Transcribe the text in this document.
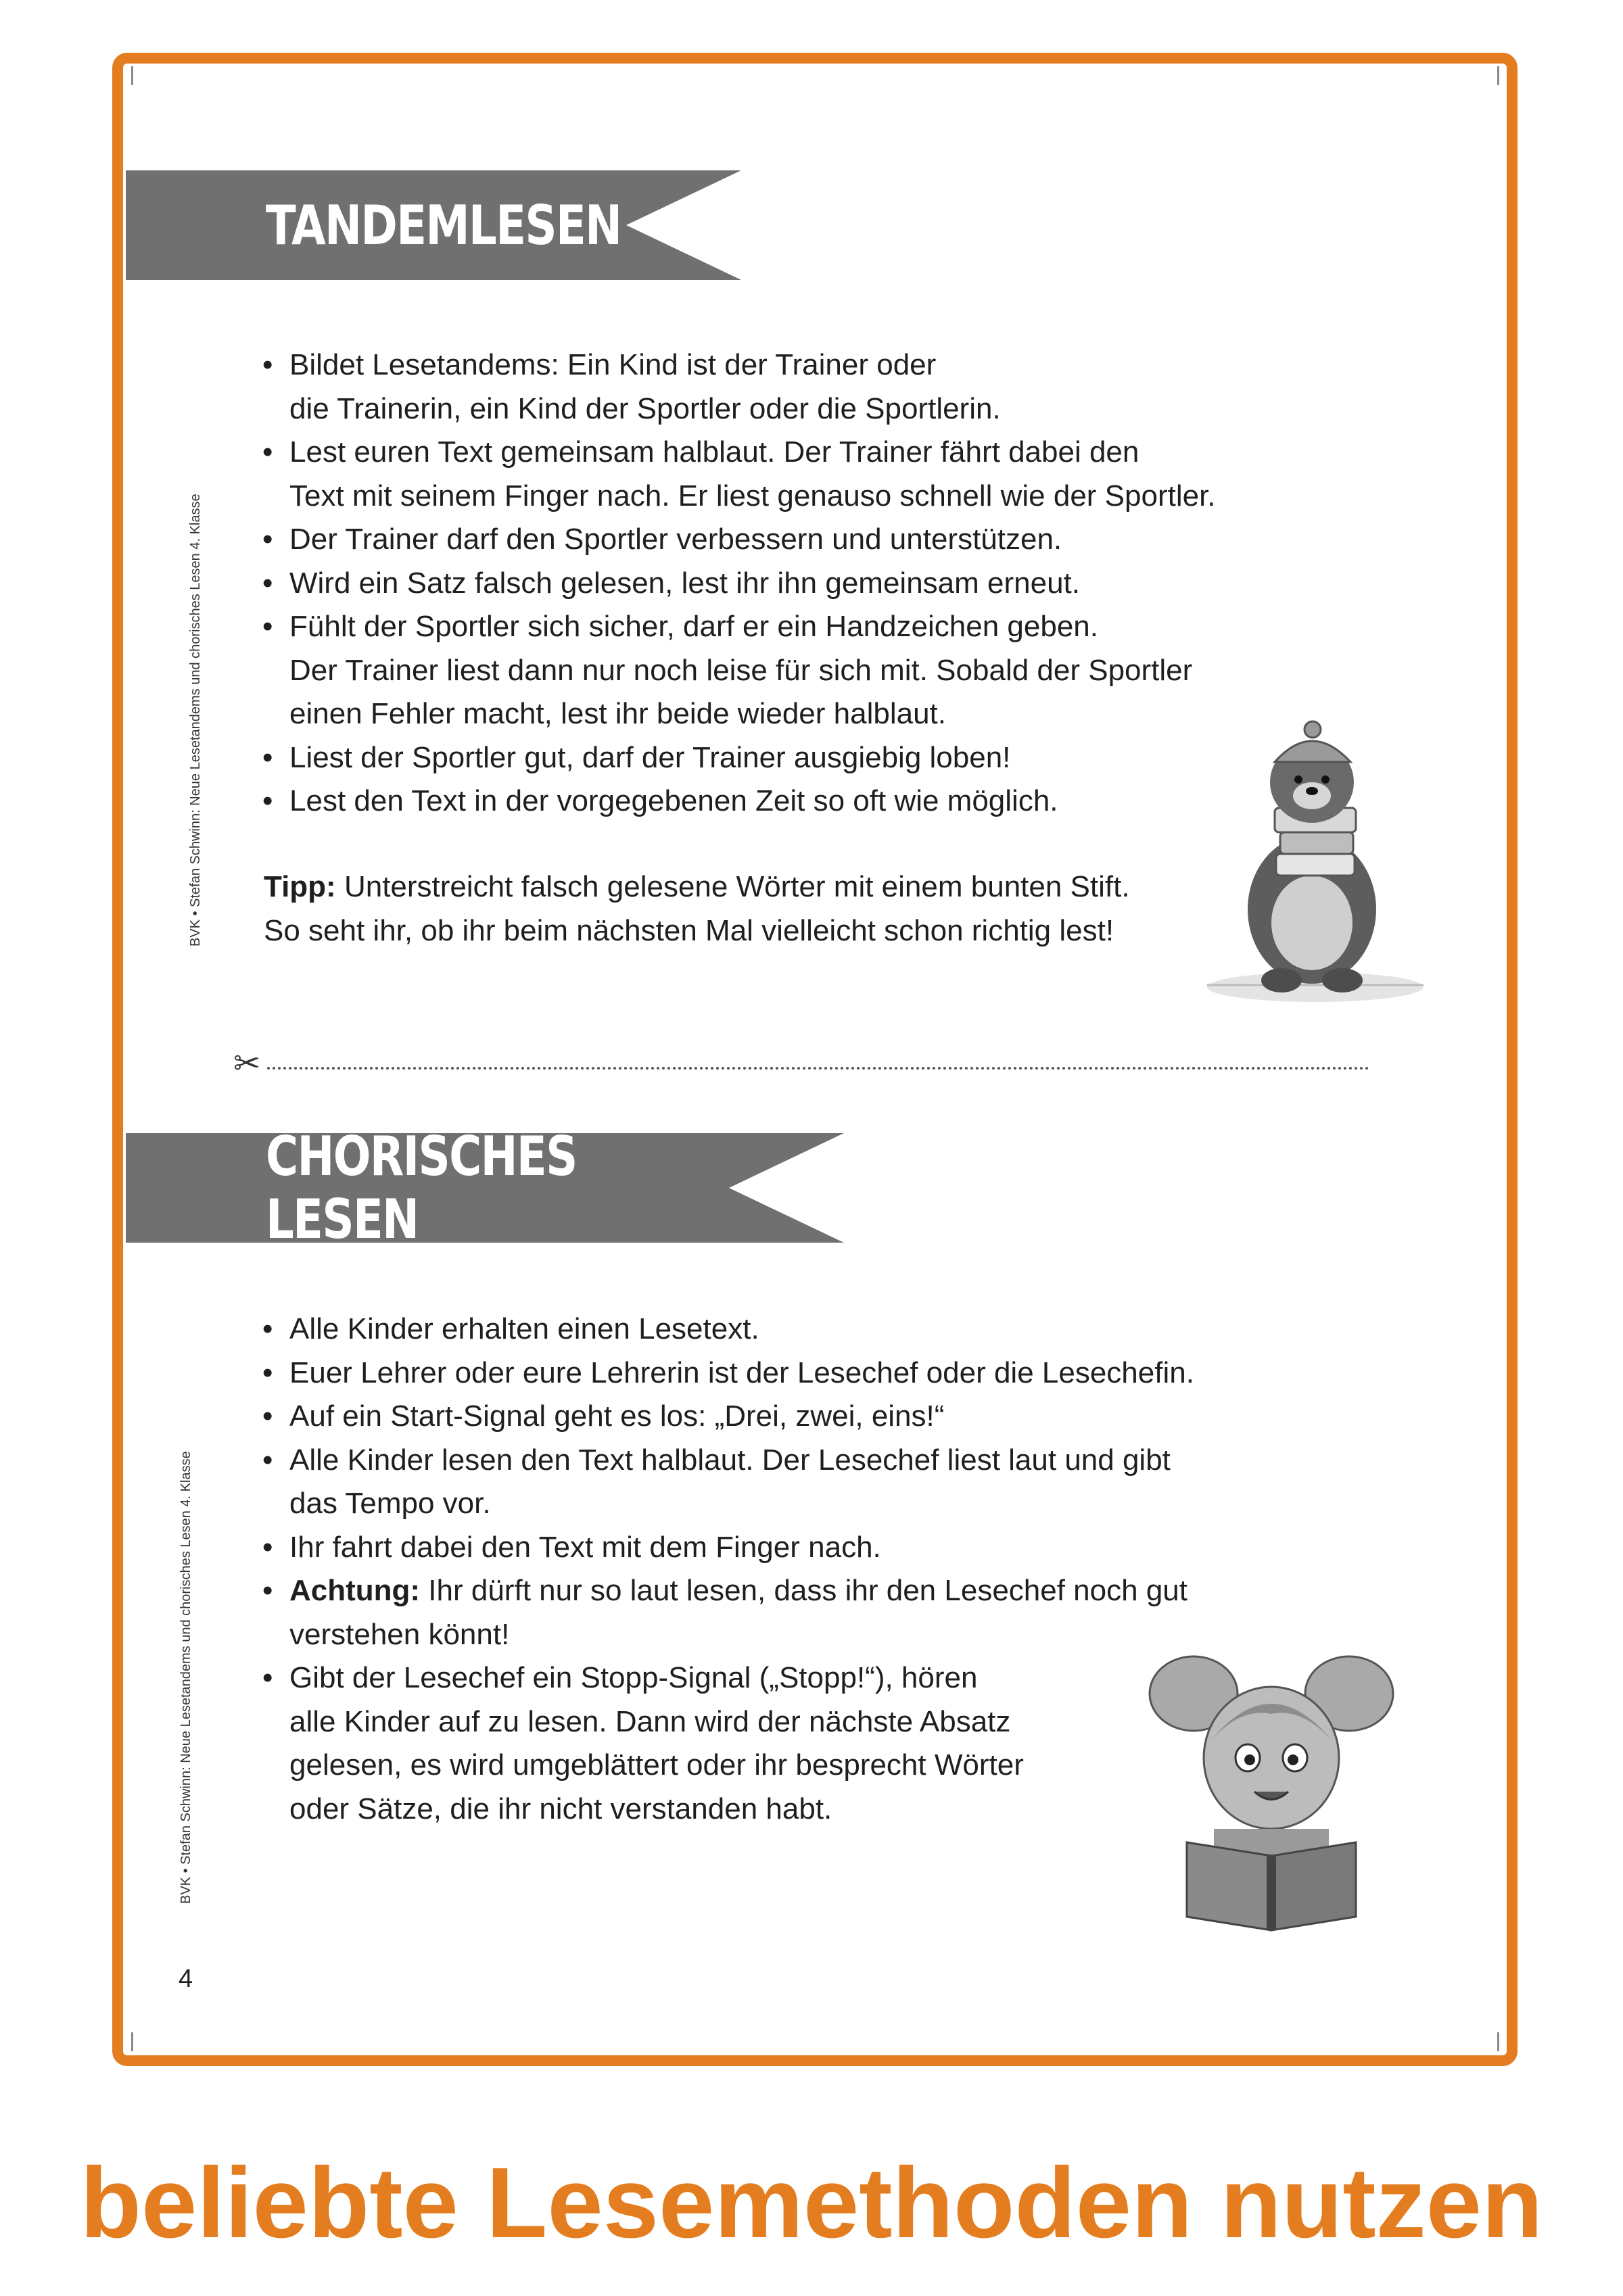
TANDEMLESEN
BVK • Stefan Schwinn: Neue Lesetandems und chorisches Lesen 4. Klasse
• Bildet Lesetandems: Ein Kind ist der Trainer oder
die Trainerin, ein Kind der Sportler oder die Sportlerin.
• Lest euren Text gemeinsam halblaut. Der Trainer fährt dabei den
Text mit seinem Finger nach. Er liest genauso schnell wie der Sportler.
• Der Trainer darf den Sportler verbessern und unterstützen.
• Wird ein Satz falsch gelesen, lest ihr ihn gemeinsam erneut.
• Fühlt der Sportler sich sicher, darf er ein Handzeichen geben.
Der Trainer liest dann nur noch leise für sich mit. Sobald der Sportler
einen Fehler macht, lest ihr beide wieder halblaut.
• Liest der Sportler gut, darf der Trainer ausgiebig loben!
• Lest den Text in der vorgegebenen Zeit so oft wie möglich.
Tipp: Unterstreicht falsch gelesene Wörter mit einem bunten Stift.
So seht ihr, ob ihr beim nächsten Mal vielleicht schon richtig lest!
✂
CHORISCHES LESEN
BVK • Stefan Schwinn: Neue Lesetandems und chorisches Lesen 4. Klasse
• Alle Kinder erhalten einen Lesetext.
• Euer Lehrer oder eure Lehrerin ist der Lesechef oder die Lesechefin.
• Auf ein Start-Signal geht es los: „Drei, zwei, eins!“
• Alle Kinder lesen den Text halblaut. Der Lesechef liest laut und gibt
das Tempo vor.
• Ihr fahrt dabei den Text mit dem Finger nach.
• Achtung: Ihr dürft nur so laut lesen, dass ihr den Lesechef noch gut
verstehen könnt!
• Gibt der Lesechef ein Stopp-Signal („Stopp!“), hören
alle Kinder auf zu lesen. Dann wird der nächste Absatz
gelesen, es wird umgeblättert oder ihr besprecht Wörter
oder Sätze, die ihr nicht verstanden habt.
4
beliebte Lesemethoden nutzen
